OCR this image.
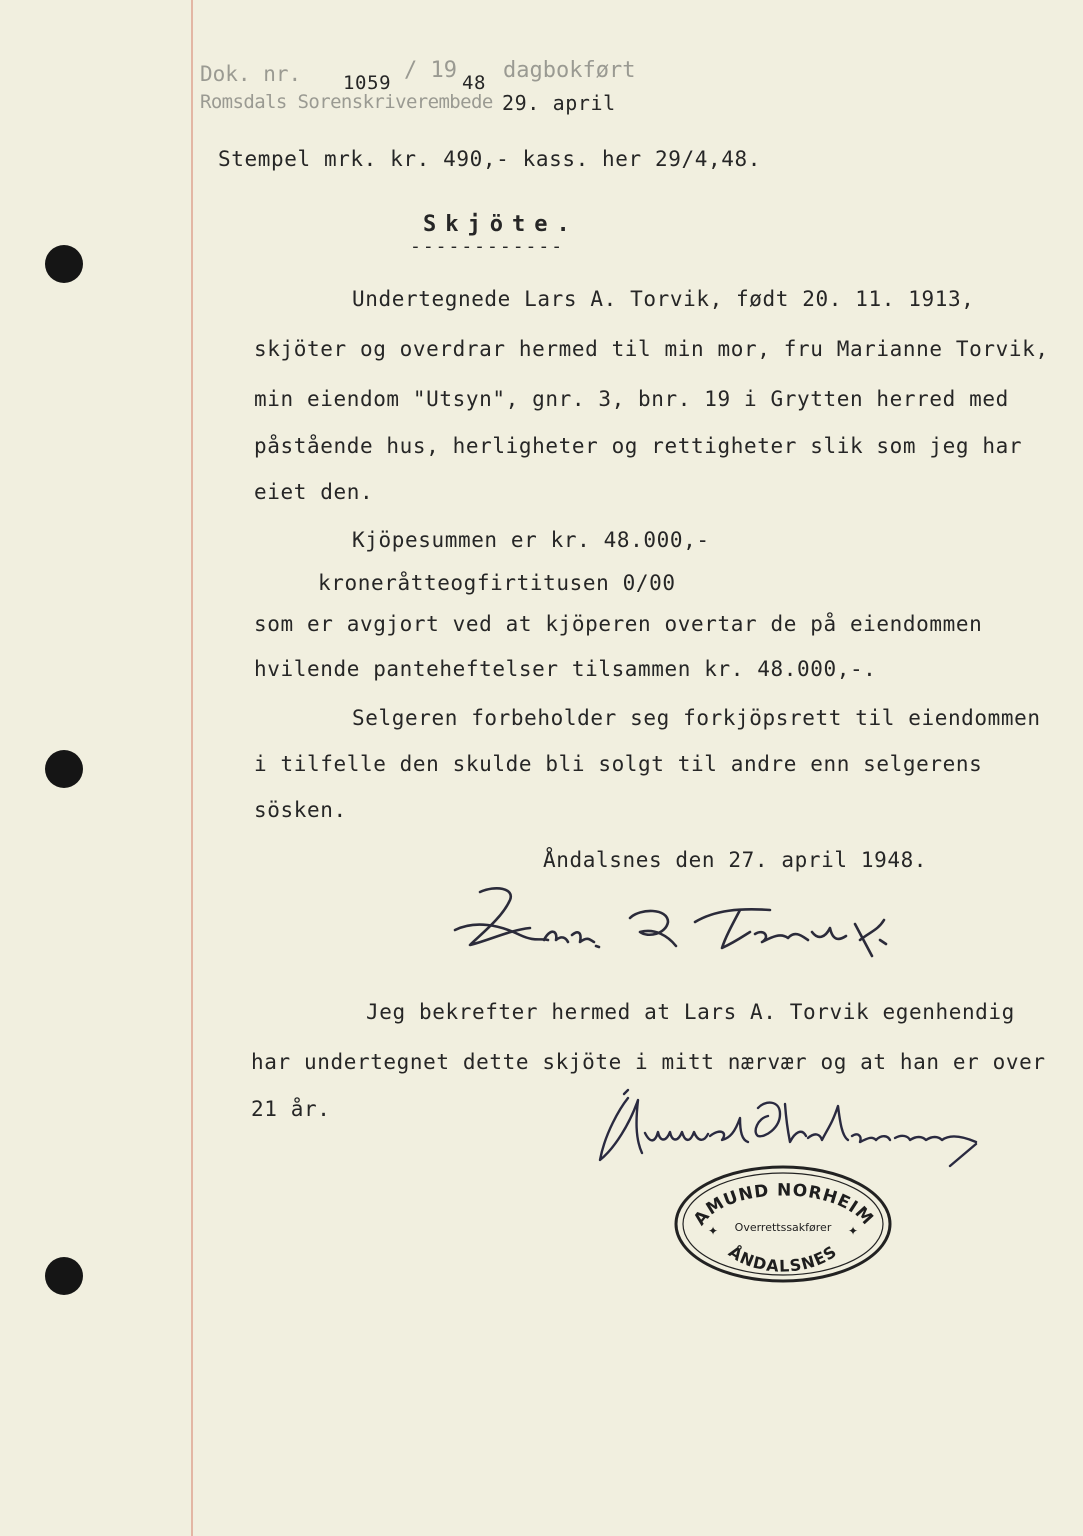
Dok. nr. 1059 / 19 48 dagbokført
Romsdals Sorenskriverembede 29. april
Stempel mrk. kr. 490,- kass. her 29/4,48.
Skjöte.
------------
Undertegnede Lars A. Torvik, født 20. 11. 1913,
skjöter og overdrar hermed til min mor, fru Marianne Torvik,
min eiendom "Utsyn", gnr. 3, bnr. 19 i Grytten herred med
påstående hus, herligheter og rettigheter slik som jeg har
eiet den.
Kjöpesummen er kr. 48.000,-
kroneråtteogfirtitusen 0/00
som er avgjort ved at kjöperen overtar de på eiendommen
hvilende panteheftelser tilsammen kr. 48.000,-.
Selgeren forbeholder seg forkjöpsrett til eiendommen
i tilfelle den skulde bli solgt til andre enn selgerens
sösken.
Åndalsnes den 27. april 1948.
Jeg bekrefter hermed at Lars A. Torvik egenhendig
har undertegnet dette skjöte i mitt nærvær og at han er over
21 år.
AMUND NORHEIM
Overrettssakfører
ÅNDALSNES
✦	✦
